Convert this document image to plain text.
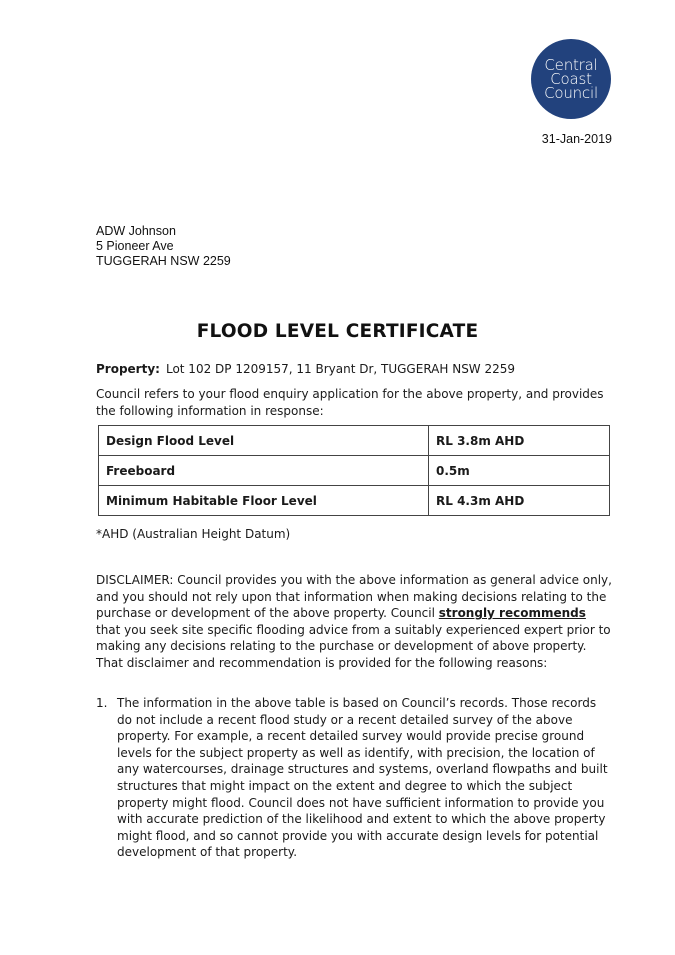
Central
Coast
Council
31-Jan-2019
ADW Johnson
5 Pioneer Ave
TUGGERAH NSW 2259
FLOOD LEVEL CERTIFICATE
Property: Lot 102 DP 1209157, 11 Bryant Dr, TUGGERAH NSW 2259
Council refers to your flood enquiry application for the above property, and provides the following information in response:
Design Flood Level	RL 3.8m AHD
Freeboard	0.5m
Minimum Habitable Floor Level	RL 4.3m AHD
*AHD (Australian Height Datum)
DISCLAIMER: Council provides you with the above information as general advice only, and you should not rely upon that information when making decisions relating to the purchase or development of the above property. Council strongly recommends that you seek site specific flooding advice from a suitably experienced expert prior to making any decisions relating to the purchase or development of above property. That disclaimer and recommendation is provided for the following reasons:
1. The information in the above table is based on Council’s records. Those records do not include a recent flood study or a recent detailed survey of the above property. For example, a recent detailed survey would provide precise ground levels for the subject property as well as identify, with precision, the location of any watercourses, drainage structures and systems, overland flowpaths and built structures that might impact on the extent and degree to which the subject property might flood. Council does not have sufficient information to provide you with accurate prediction of the likelihood and extent to which the above property might flood, and so cannot provide you with accurate design levels for potential development of that property.
